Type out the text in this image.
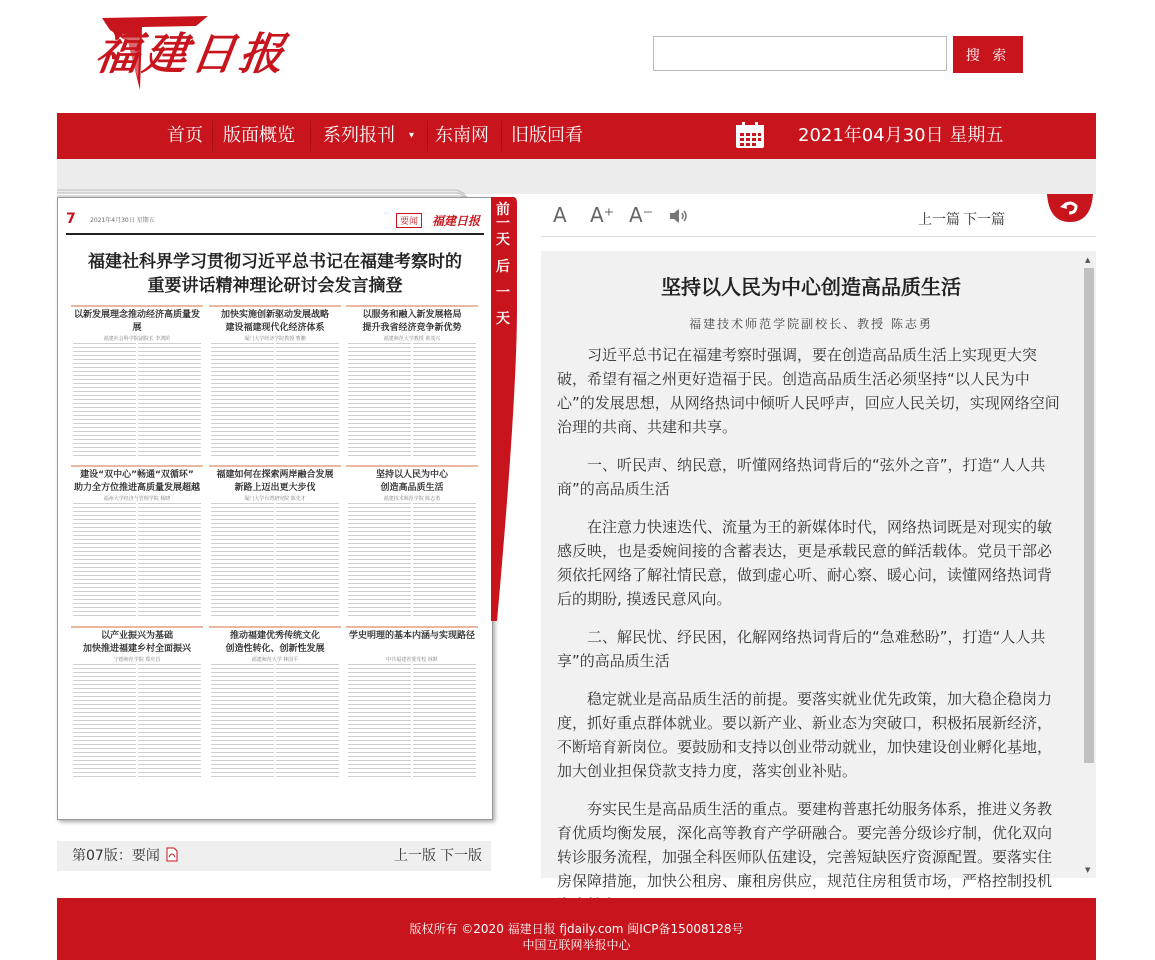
福建日报	搜 索
首页 版面概览 系列报刊 ▾ 东南网 旧版回看	2021年04月30日 星期五
7 2021年4月30日 星期五	要闻	福建日报
福建社科界学习贯彻习近平总书记在福建考察时的
重要讲话精神理论研讨会发言摘登
以新发展理念推动经济高质量发展
福建社会科学院副院长 李鸿阶
加快实施创新驱动发展战略
建设福建现代化经济体系
厦门大学经济学院教授 曹鹏
以服务和融入新发展格局
提升我省经济竞争新优势
福建师范大学教授 黄茂兴
建设“双中心”畅通“双循环”
助力全方位推进高质量发展超越
福州大学经济与管理学院 杨晓
福建如何在探索两岸融合发展
新路上迈出更大步伐
厦门大学台湾研究院 陈先才
坚持以人民为中心
创造高品质生活
福建技术师范学院 陈志勇
以产业振兴为基础
加快推进福建乡村全面振兴
宁德师范学院 郑庆昌
推动福建优秀传统文化
创造性转化、创新性发展
福建师范大学 林国平
学史明理的基本内涵与实现路径
中共福建省委党校 林默
前
一
天
后
一
天
第07版：要闻	上一版 下一版
A A⁺ A⁻	上一篇 下一篇
坚持以人民为中心创造高品质生活
福建技术师范学院副校长、教授 陈志勇

习近平总书记在福建考察时强调，要在创造高品质生活上实现更大突破，希望有福之州更好造福于民。创造高品质生活必须坚持“以人民为中心”的发展思想，从网络热词中倾听人民呼声，回应人民关切，实现网络空间治理的共商、共建和共享。

一、听民声、纳民意，听懂网络热词背后的“弦外之音”，打造“人人共商”的高品质生活

在注意力快速迭代、流量为王的新媒体时代，网络热词既是对现实的敏感反映，也是委婉间接的含蓄表达，更是承载民意的鲜活载体。党员干部必须依托网络了解社情民意，做到虚心听、耐心察、暖心问，读懂网络热词背后的期盼, 摸透民意风向。

二、解民忧、纾民困，化解网络热词背后的“急难愁盼”，打造“人人共享”的高品质生活

稳定就业是高品质生活的前提。要落实就业优先政策，加大稳企稳岗力度，抓好重点群体就业。要以新产业、新业态为突破口，积极拓展新经济，不断培育新岗位。要鼓励和支持以创业带动就业，加快建设创业孵化基地，加大创业担保贷款支持力度，落实创业补贴。

夯实民生是高品质生活的重点。要建构普惠托幼服务体系，推进义务教育优质均衡发展，深化高等教育产学研融合。要完善分级诊疗制，优化双向转诊服务流程，加强全科医师队伍建设，完善短缺医疗资源配置。要落实住房保障措施，加快公租房、廉租房供应，规范住房租赁市场，严格控制投机

▲
▼
版权所有 ©2020 福建日报 fjdaily.com 闽ICP备15008128号
中国互联网举报中心
